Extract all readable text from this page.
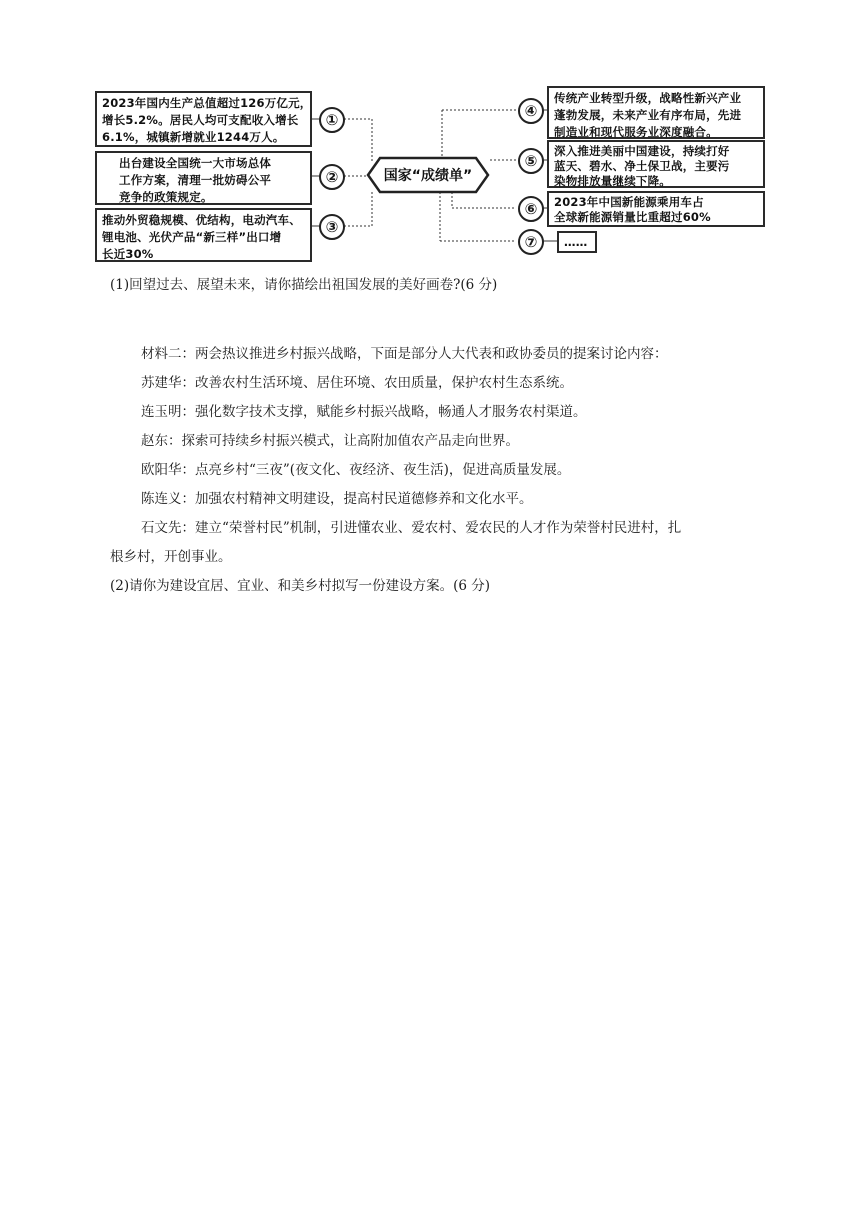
国家“成绩单”
2023年国内生产总值超过126万亿元，
增长5.2%。居民人均可支配收入增长
6.1%，城镇新增就业1244万人。
①
出台建设全国统一大市场总体
工作方案，清理一批妨碍公平
竞争的政策规定。
②
推动外贸稳规模、优结构，电动汽车、
锂电池、光伏产品“新三样”出口增
长近30%
③
④
传统产业转型升级，战略性新兴产业
蓬勃发展，未来产业有序布局，先进
制造业和现代服务业深度融合。
⑤
深入推进美丽中国建设，持续打好
蓝天、碧水、净土保卫战，主要污
染物排放量继续下降。
⑥	2023年中国新能源乘用车占
全球新能源销量比重超过60%
⑦	……
(1)回望过去、展望未来，请你描绘出祖国发展的美好画卷?(6 分)
材料二：两会热议推进乡村振兴战略，下面是部分人大代表和政协委员的提案讨论内容：
苏建华：改善农村生活环境、居住环境、农田质量，保护农村生态系统。
连玉明：强化数字技术支撑，赋能乡村振兴战略，畅通人才服务农村渠道。
赵东：探索可持续乡村振兴模式，让高附加值农产品走向世界。
欧阳华：点亮乡村“三夜”(夜文化、夜经济、夜生活)，促进高质量发展。
陈连义：加强农村精神文明建设，提高村民道德修养和文化水平。
石文先：建立“荣誉村民”机制，引进懂农业、爱农村、爱农民的人才作为荣誉村民进村，扎
根乡村，开创事业。
(2)请你为建设宜居、宜业、和美乡村拟写一份建设方案。(6 分)
